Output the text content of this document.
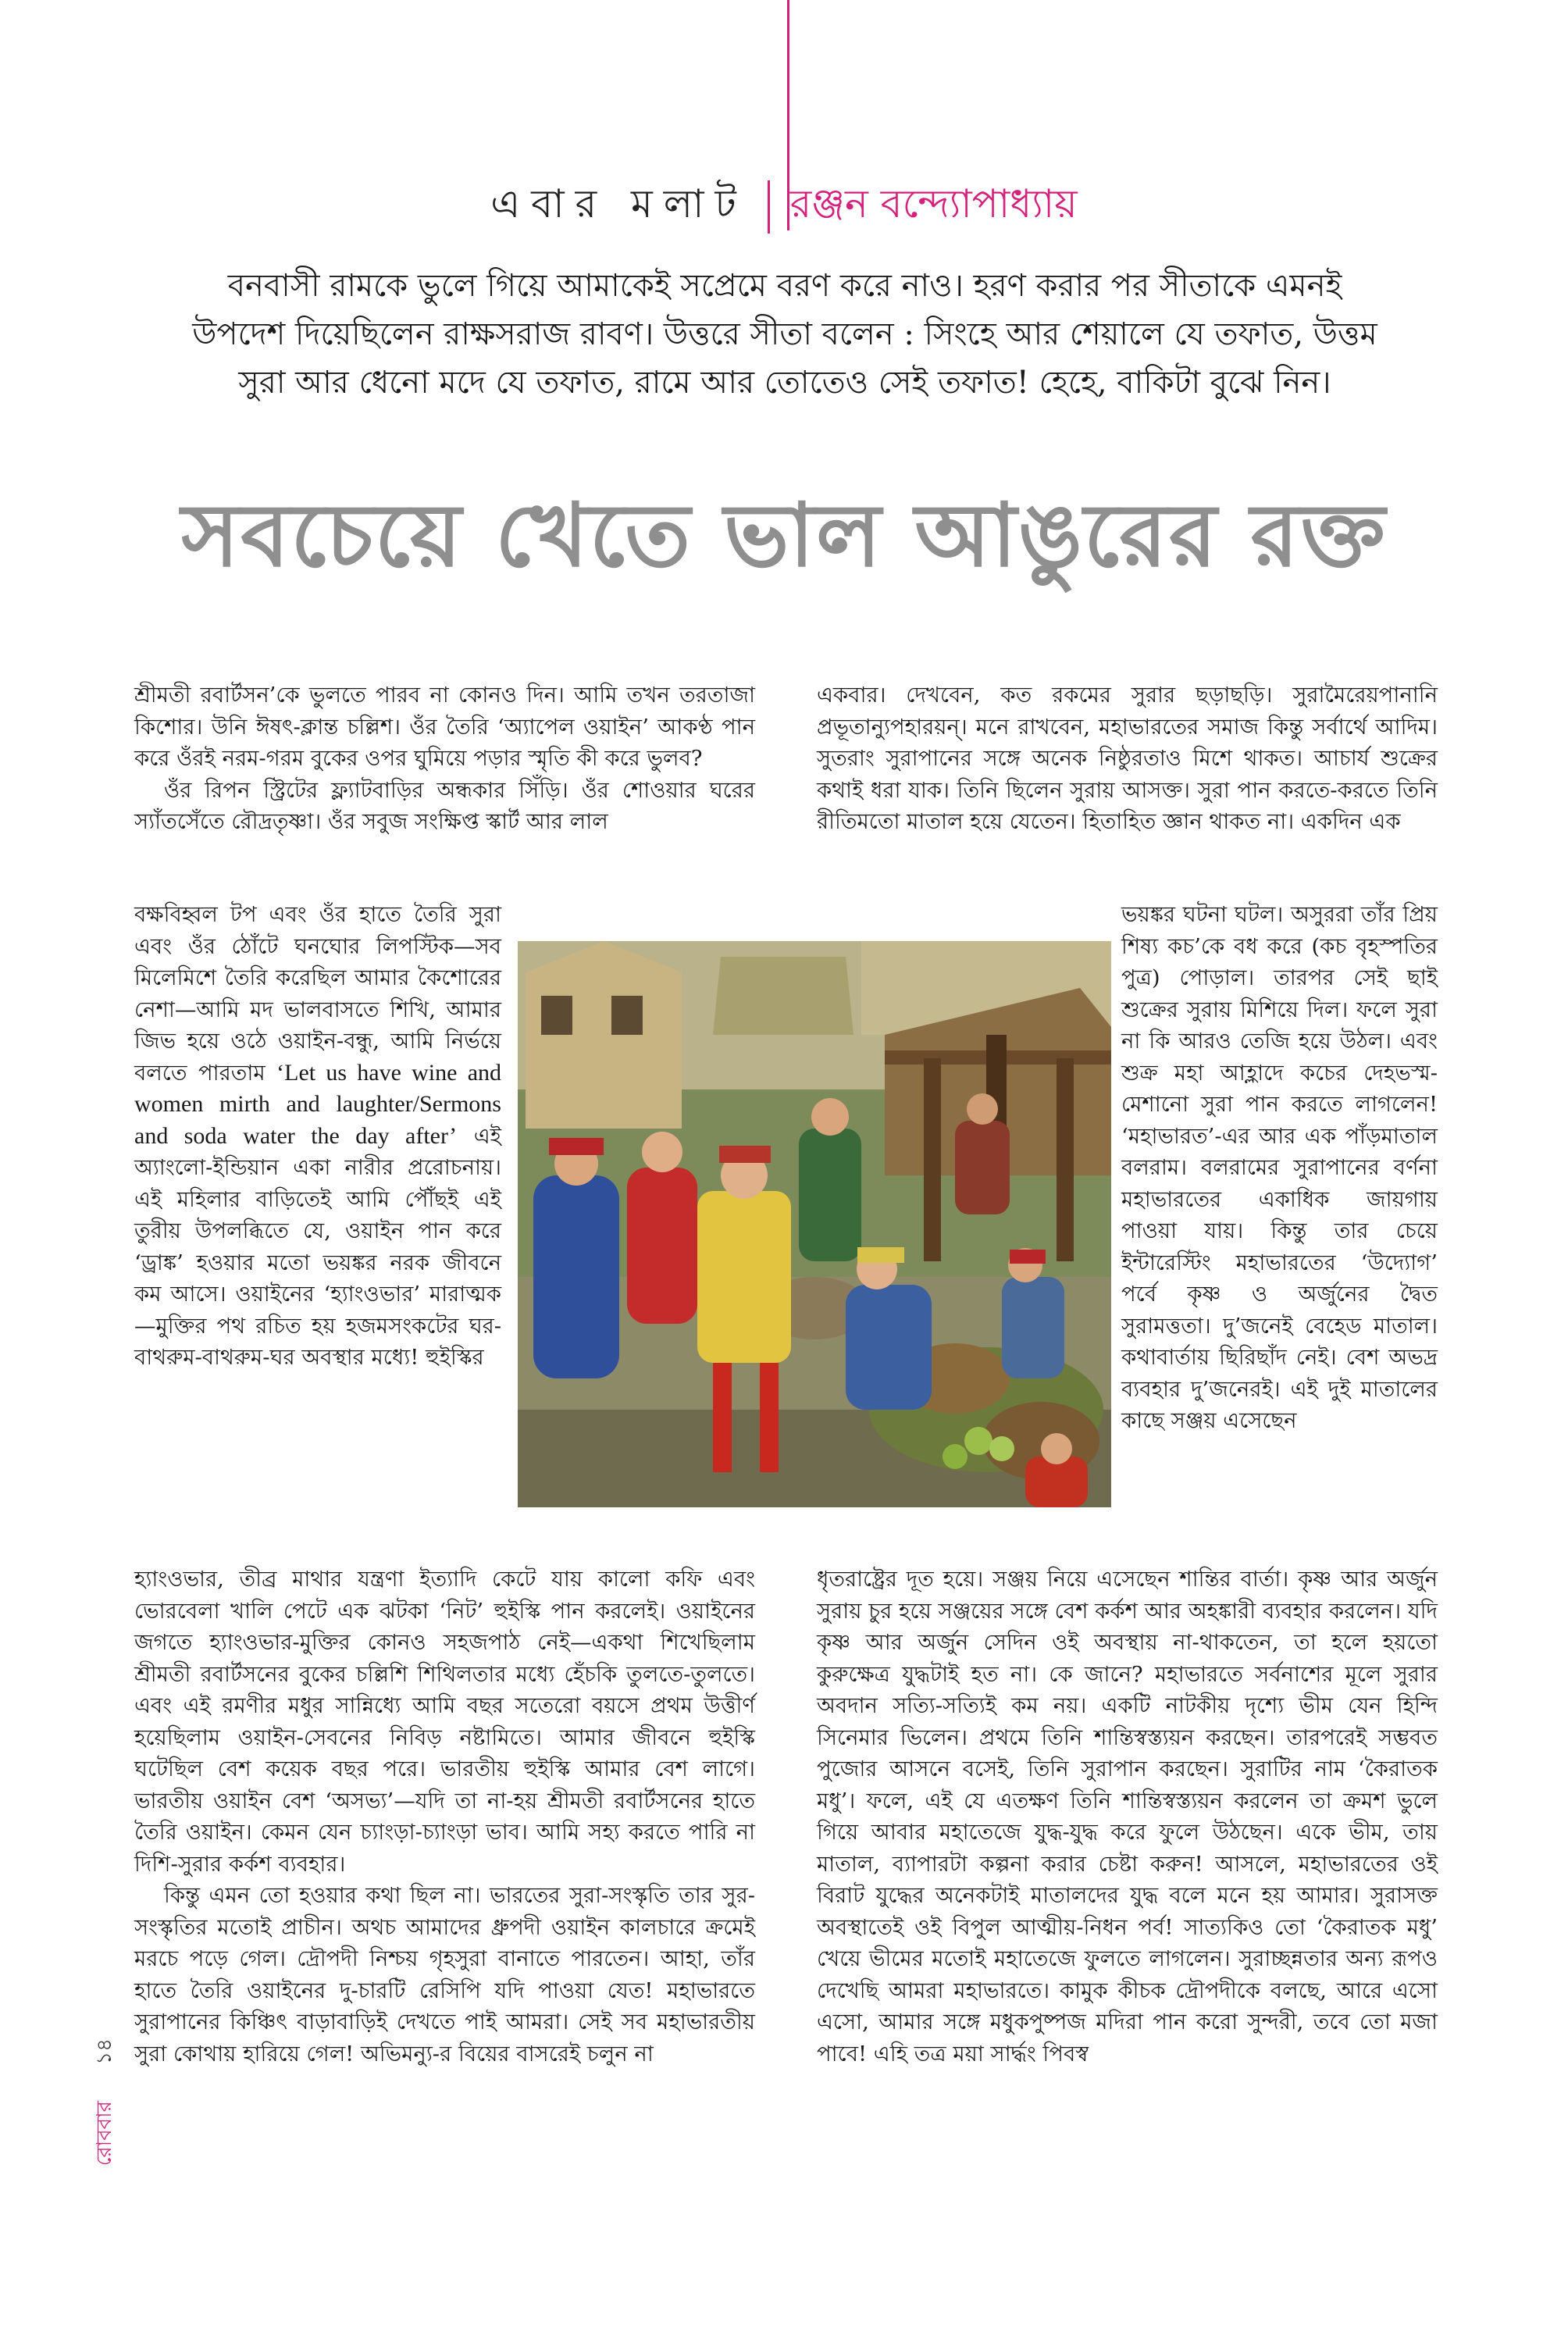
এবার মলাট	রঞ্জন বন্দ্যোপাধ্যায়
বনবাসী রামকে ভুলে গিয়ে আমাকেই সপ্রেমে বরণ করে নাও। হরণ করার পর সীতাকে এমনই
উপদেশ দিয়েছিলেন রাক্ষসরাজ রাবণ। উত্তরে সীতা বলেন : সিংহে আর শেয়ালে যে তফাত, উত্তম
সুরা আর ধেনো মদে যে তফাত, রামে আর তোতেও সেই তফাত! হেহে, বাকিটা বুঝে নিন।
সবচেয়ে খেতে ভাল আঙুরের রক্ত

শ্রীমতী রবার্টসন’কে ভুলতে পারব না কোনও দিন। আমি তখন তরতাজা কিশোর। উনি ঈষৎ-ক্লান্ত চল্লিশ। ওঁর তৈরি ‘অ্যাপেল ওয়াইন’ আকণ্ঠ পান করে ওঁরই নরম-গরম বুকের ওপর ঘুমিয়ে পড়ার স্মৃতি কী করে ভুলব?

ওঁর রিপন স্ট্রিটের ফ্ল্যাটবাড়ির অন্ধকার সিঁড়ি। ওঁর শোওয়ার ঘরের স্যাঁতসেঁতে রৌদ্রতৃষ্ণা। ওঁর সবুজ সংক্ষিপ্ত স্কার্ট আর লাল

বক্ষবিহ্বল টপ এবং ওঁর হাতে তৈরি সুরা এবং ওঁর ঠোঁটে ঘনঘোর লিপস্টিক—সব মিলেমিশে তৈরি করেছিল আমার কৈশোরের নেশা—আমি মদ ভালবাসতে শিখি, আমার জিভ হয়ে ওঠে ওয়াইন-বন্ধু, আমি নির্ভয়ে বলতে পারতাম ‘Let us have wine and women mirth and laughter/Sermons and soda water the day after’ এই অ্যাংলো-ইন্ডিয়ান একা নারীর প্ররোচনায়। এই মহিলার বাড়িতেই আমি পৌঁছই এই তুরীয় উপলব্ধিতে যে, ওয়াইন পান করে ‘ড্রাঙ্ক’ হওয়ার মতো ভয়ঙ্কর নরক জীবনে কম আসে। ওয়াইনের ‘হ্যাংওভার’ মারাত্মক—মুক্তির পথ রচিত হয় হজমসংকটের ঘর-বাথরুম-বাথরুম-ঘর অবস্থার মধ্যে! হুইস্কির

হ্যাংওভার, তীব্র মাথার যন্ত্রণা ইত্যাদি কেটে যায় কালো কফি এবং ভোরবেলা খালি পেটে এক ঝটকা ‘নিট’ হুইস্কি পান করলেই। ওয়াইনের জগতে হ্যাংওভার-মুক্তির কোনও সহজপাঠ নেই—একথা শিখেছিলাম শ্রীমতী রবার্টসনের বুকের চল্লিশি শিথিলতার মধ্যে হেঁচকি তুলতে-তুলতে। এবং এই রমণীর মধুর সান্নিধ্যে আমি বছর সতেরো বয়সে প্রথম উত্তীর্ণ হয়েছিলাম ওয়াইন-সেবনের নিবিড় নষ্টামিতে। আমার জীবনে হুইস্কি ঘটেছিল বেশ কয়েক বছর পরে। ভারতীয় হুইস্কি আমার বেশ লাগে। ভারতীয় ওয়াইন বেশ ‘অসভ্য’—যদি তা না-হয় শ্রীমতী রবার্টসনের হাতে তৈরি ওয়াইন। কেমন যেন চ্যাংড়া-চ্যাংড়া ভাব। আমি সহ্য করতে পারি না দিশি-সুরার কর্কশ ব্যবহার।

কিন্তু এমন তো হওয়ার কথা ছিল না। ভারতের সুরা-সংস্কৃতি তার সুর-সংস্কৃতির মতোই প্রাচীন। অথচ আমাদের ধ্রুপদী ওয়াইন কালচারে ক্রমেই মরচে পড়ে গেল। দ্রৌপদী নিশ্চয় গৃহসুরা বানাতে পারতেন। আহা, তাঁর হাতে তৈরি ওয়াইনের দু-চারটি রেসিপি যদি পাওয়া যেত! মহাভারতে সুরাপানের কিঞ্চিৎ বাড়াবাড়িই দেখতে পাই আমরা। সেই সব মহাভারতীয় সুরা কোথায় হারিয়ে গেল! অভিমন্যু-র বিয়ের বাসরেই চলুন না

একবার। দেখবেন, কত রকমের সুরার ছড়াছড়ি। সুরামৈরেয়পানানি প্রভূতান্যুপহারয়ন্। মনে রাখবেন, মহাভারতের সমাজ কিন্তু সর্বার্থে আদিম। সুতরাং সুরাপানের সঙ্গে অনেক নিষ্ঠুরতাও মিশে থাকত। আচার্য শুক্রের কথাই ধরা যাক। তিনি ছিলেন সুরায় আসক্ত। সুরা পান করতে-করতে তিনি রীতিমতো মাতাল হয়ে যেতেন। হিতাহিত জ্ঞান থাকত না। একদিন এক

ভয়ঙ্কর ঘটনা ঘটল। অসুররা তাঁর প্রিয় শিষ্য কচ’কে বধ করে (কচ বৃহস্পতির পুত্র) পোড়াল। তারপর সেই ছাই শুক্রের সুরায় মিশিয়ে দিল। ফলে সুরা না কি আরও তেজি হয়ে উঠল। এবং শুক্র মহা আহ্লাদে কচের দেহভস্ম-মেশানো সুরা পান করতে লাগলেন! ‘মহাভারত’-এর আর এক পাঁড়মাতাল বলরাম। বলরামের সুরাপানের বর্ণনা মহাভারতের একাধিক জায়গায় পাওয়া যায়। কিন্তু তার চেয়ে ইন্টারেস্টিং মহাভারতের ‘উদ্যোগ’ পর্বে কৃষ্ণ ও অর্জুনের দ্বৈত সুরামত্ততা। দু’জনেই বেহেড মাতাল। কথাবার্তায় ছিরিছাঁদ নেই। বেশ অভদ্র ব্যবহার দু’জনেরই। এই দুই মাতালের কাছে সঞ্জয় এসেছেন

ধৃতরাষ্ট্রের দূত হয়ে। সঞ্জয় নিয়ে এসেছেন শান্তির বার্তা। কৃষ্ণ আর অর্জুন সুরায় চুর হয়ে সঞ্জয়ের সঙ্গে বেশ কর্কশ আর অহঙ্কারী ব্যবহার করলেন। যদি কৃষ্ণ আর অর্জুন সেদিন ওই অবস্থায় না-থাকতেন, তা হলে হয়তো কুরুক্ষেত্র যুদ্ধটাই হত না। কে জানে? মহাভারতে সর্বনাশের মূলে সুরার অবদান সত্যি-সত্যিই কম নয়। একটি নাটকীয় দৃশ্যে ভীম যেন হিন্দি সিনেমার ভিলেন। প্রথমে তিনি শান্তিস্বস্ত্যয়ন করছেন। তারপরেই সম্ভবত পুজোর আসনে বসেই, তিনি সুরাপান করছেন। সুরাটির নাম ‘কৈরাতক মধু’। ফলে, এই যে এতক্ষণ তিনি শান্তিস্বস্ত্যয়ন করলেন তা ক্রমশ ভুলে গিয়ে আবার মহাতেজে যুদ্ধ-যুদ্ধ করে ফুলে উঠছেন। একে ভীম, তায় মাতাল, ব্যাপারটা কল্পনা করার চেষ্টা করুন! আসলে, মহাভারতের ওই বিরাট যুদ্ধের অনেকটাই মাতালদের যুদ্ধ বলে মনে হয় আমার। সুরাসক্ত অবস্থাতেই ওই বিপুল আত্মীয়-নিধন পর্ব! সাত্যকিও তো ‘কৈরাতক মধু’ খেয়ে ভীমের মতোই মহাতেজে ফুলতে লাগলেন। সুরাচ্ছন্নতার অন্য রূপও দেখেছি আমরা মহাভারতে। কামুক কীচক দ্রৌপদীকে বলছে, আরে এসো এসো, আমার সঙ্গে মধুকপুষ্পজ মদিরা পান করো সুন্দরী, তবে তো মজা পাবে! এহি তত্র ময়া সার্দ্ধং পিবস্ব

১৪
রোববার
